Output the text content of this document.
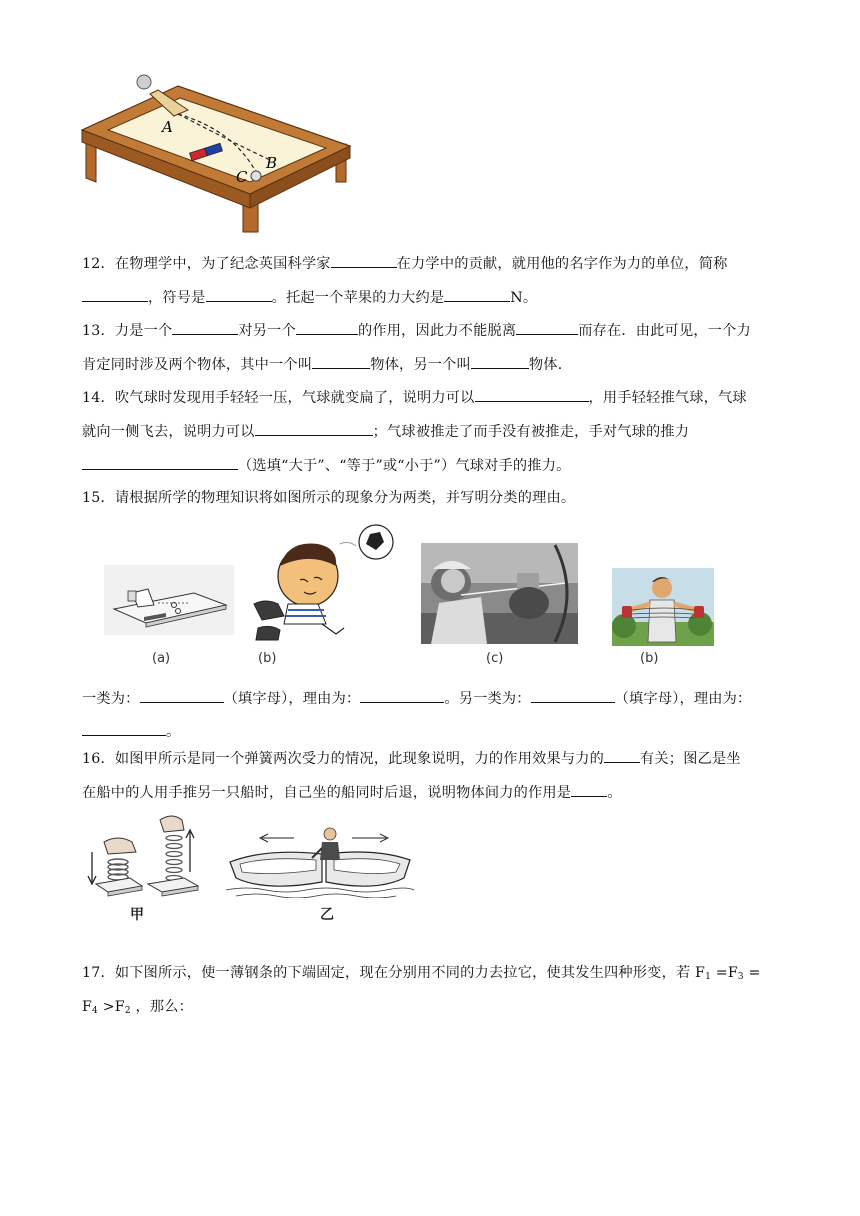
A
B
C
12．在物理学中，为了纪念英国科学家	在力学中的贡献，就用他的名字作为力的单位，简称
，符号是	。托起一个苹果的力大约是	N。
13．力是一个	对另一个	的作用，因此力不能脱离	而存在．由此可见，一个力
肯定同时涉及两个物体，其中一个叫	物体，另一个叫	物体．
14．吹气球时发现用手轻轻一压，气球就变扁了，说明力可以	，用手轻轻推气球，气球
就向一侧飞去，说明力可以	；气球被推走了而手没有被推走，手对气球的推力
（选填“大于”、“等于”或“小于”）气球对手的推力。
15．请根据所学的物理知识将如图所示的现象分为两类，并写明分类的理由。
(a)	(b)	(c)	(b)
一类为：	（填字母），理由为：	。另一类为：	（填字母），理由为：
。
16．如图甲所示是同一个弹簧两次受力的情况，此现象说明，力的作用效果与力的	有关；图乙是坐
在船中的人用手推另一只船时，自己坐的船同时后退，说明物体间力的作用是	。
甲	乙
17．如下图所示，使一薄钢条的下端固定，现在分别用不同的力去拉它，使其发生四种形变，若 F1 =F3 =
F4 >F2 ，那么：
